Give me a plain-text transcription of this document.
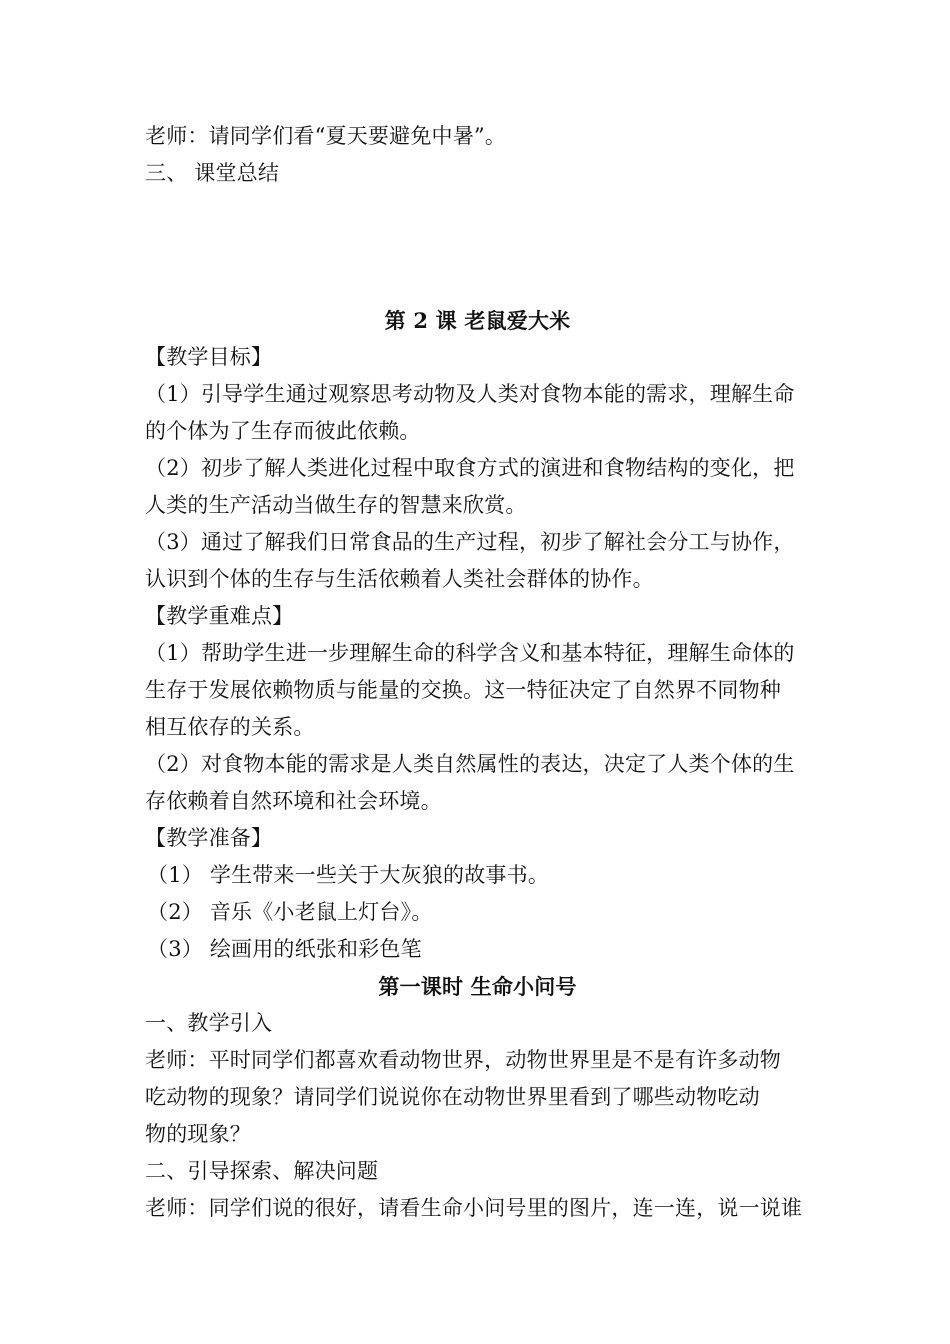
老师：请同学们看“夏天要避免中暑”。
三、 课堂总结
第 2 课 老鼠爱大米
【教学目标】
（1）引导学生通过观察思考动物及人类对食物本能的需求，理解生命
的个体为了生存而彼此依赖。
（2）初步了解人类进化过程中取食方式的演进和食物结构的变化，把
人类的生产活动当做生存的智慧来欣赏。
（3）通过了解我们日常食品的生产过程，初步了解社会分工与协作，
认识到个体的生存与生活依赖着人类社会群体的协作。
【教学重难点】
（1）帮助学生进一步理解生命的科学含义和基本特征，理解生命体的
生存于发展依赖物质与能量的交换。这一特征决定了自然界不同物种
相互依存的关系。
（2）对食物本能的需求是人类自然属性的表达，决定了人类个体的生
存依赖着自然环境和社会环境。
【教学准备】
（1） 学生带来一些关于大灰狼的故事书。
（2） 音乐《小老鼠上灯台》。
（3） 绘画用的纸张和彩色笔
第一课时 生命小问号
一、教学引入
老师：平时同学们都喜欢看动物世界，动物世界里是不是有许多动物
吃动物的现象？请同学们说说你在动物世界里看到了哪些动物吃动
物的现象？
二、引导探索、解决问题
老师：同学们说的很好，请看生命小问号里的图片，连一连，说一说谁
